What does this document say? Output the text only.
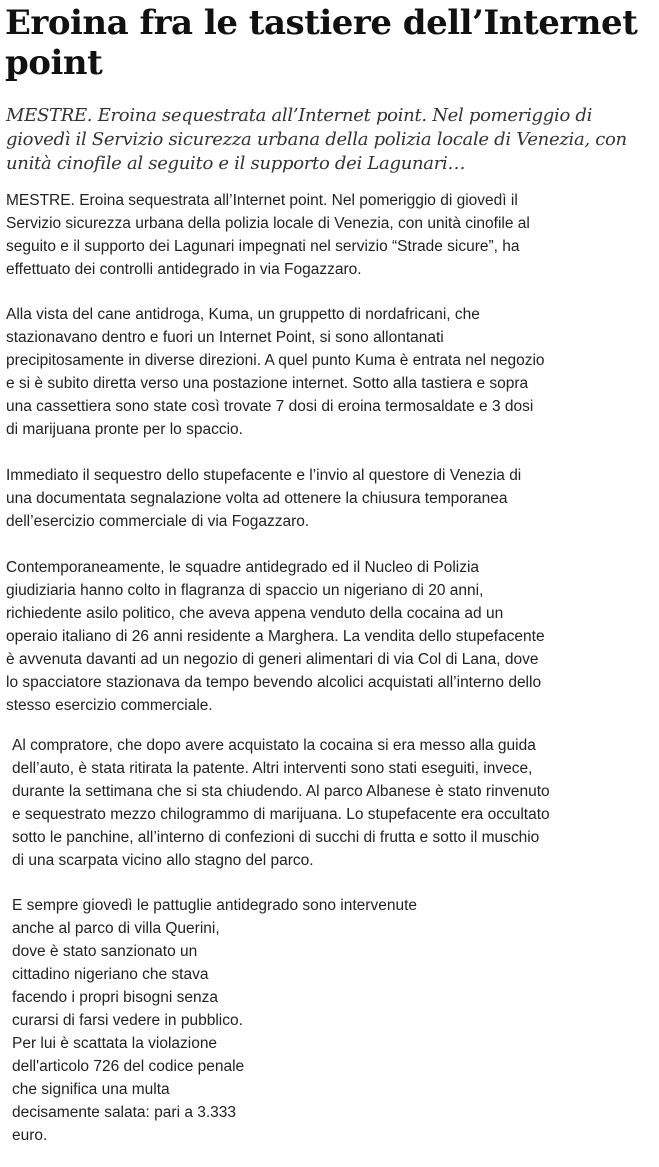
Eroina fra le tastiere dell’Internet
point

MESTRE. Eroina sequestrata all’Internet point. Nel pomeriggio di
giovedì il Servizio sicurezza urbana della polizia locale di Venezia, con
unità cinofile al seguito e il supporto dei Lagunari…

MESTRE. Eroina sequestrata all’Internet point. Nel pomeriggio di giovedì il
Servizio sicurezza urbana della polizia locale di Venezia, con unità cinofile al
seguito e il supporto dei Lagunari impegnati nel servizio “Strade sicure”, ha
effettuato dei controlli antidegrado in via Fogazzaro.

Alla vista del cane antidroga, Kuma, un gruppetto di nordafricani, che
stazionavano dentro e fuori un Internet Point, si sono allontanati
precipitosamente in diverse direzioni. A quel punto Kuma è entrata nel negozio
e si è subito diretta verso una postazione internet. Sotto alla tastiera e sopra
una cassettiera sono state così trovate 7 dosi di eroina termosaldate e 3 dosi
di marijuana pronte per lo spaccio.

Immediato il sequestro dello stupefacente e l’invio al questore di Venezia di
una documentata segnalazione volta ad ottenere la chiusura temporanea
dell’esercizio commerciale di via Fogazzaro.

Contemporaneamente, le squadre antidegrado ed il Nucleo di Polizia
giudiziaria hanno colto in flagranza di spaccio un nigeriano di 20 anni,
richiedente asilo politico, che aveva appena venduto della cocaina ad un
operaio italiano di 26 anni residente a Marghera. La vendita dello stupefacente
è avvenuta davanti ad un negozio di generi alimentari di via Col di Lana, dove
lo spacciatore stazionava da tempo bevendo alcolici acquistati all’interno dello
stesso esercizio commerciale.

Al compratore, che dopo avere acquistato la cocaina si era messo alla guida
dell’auto, è stata ritirata la patente. Altri interventi sono stati eseguiti, invece,
durante la settimana che si sta chiudendo. Al parco Albanese è stato rinvenuto
e sequestrato mezzo chilogrammo di marijuana. Lo stupefacente era occultato
sotto le panchine, all’interno di confezioni di succhi di frutta e sotto il muschio
di una scarpata vicino allo stagno del parco.

E sempre giovedì le pattuglie antidegrado sono intervenute
anche al parco di villa Querini,
dove è stato sanzionato un
cittadino nigeriano che stava
facendo i propri bisogni senza
curarsi di farsi vedere in pubblico.
Per lui è scattata la violazione
dell'articolo 726 del codice penale
che significa una multa
decisamente salata: pari a 3.333
euro.
